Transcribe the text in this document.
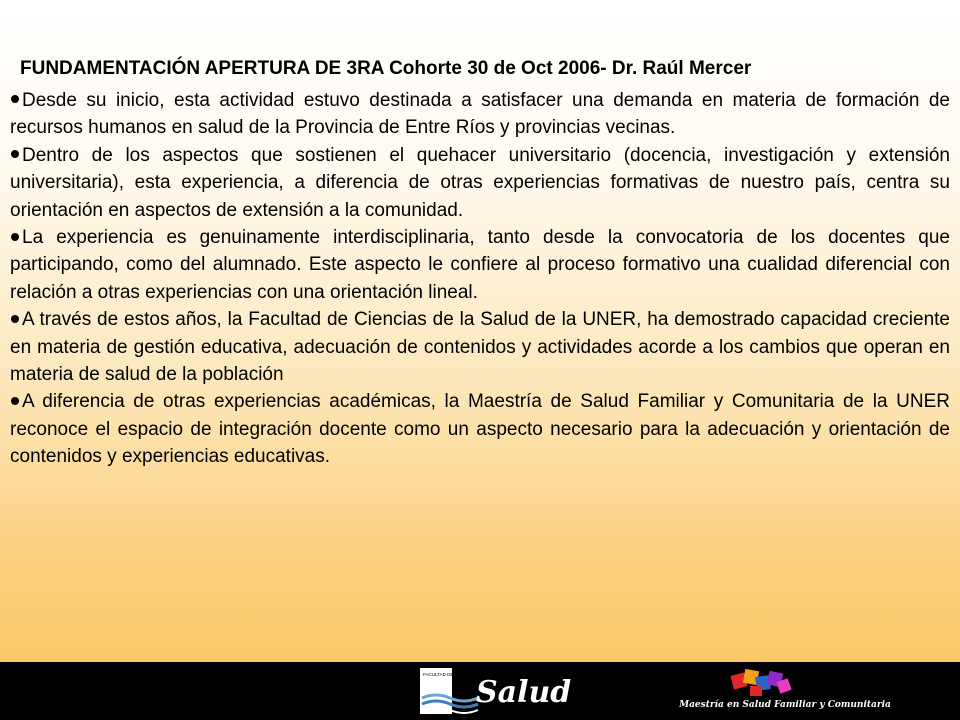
FUNDAMENTACIÓN APERTURA DE 3RA Cohorte 30 de Oct 2006- Dr. Raúl Mercer

Desde su inicio, esta actividad estuvo destinada a satisfacer una demanda en materia de formación de recursos humanos en salud de la Provincia de Entre Ríos y provincias vecinas.

Dentro de los aspectos que sostienen el quehacer universitario (docencia, investigación y extensión universitaria), esta experiencia, a diferencia de otras experiencias formativas de nuestro país, centra su orientación en aspectos de extensión a la comunidad.

La experiencia es genuinamente interdisciplinaria, tanto desde la convocatoria de los docentes que participando, como del alumnado. Este aspecto le confiere al proceso formativo una cualidad diferencial con relación a otras experiencias con una orientación lineal.

A través de estos años, la Facultad de Ciencias de la Salud de la UNER, ha demostrado capacidad creciente en materia de gestión educativa, adecuación de contenidos y actividades acorde a los cambios que operan en materia de salud de la población

A diferencia de otras experiencias académicas, la Maestría de Salud Familiar y Comunitaria de la UNER reconoce el espacio de integración docente como un aspecto necesario para la adecuación y orientación de contenidos y experiencias educativas.

FACULTAD DE CIENCIAS DE LA
Salud	Maestría en Salud Familiar y Comunitaria
